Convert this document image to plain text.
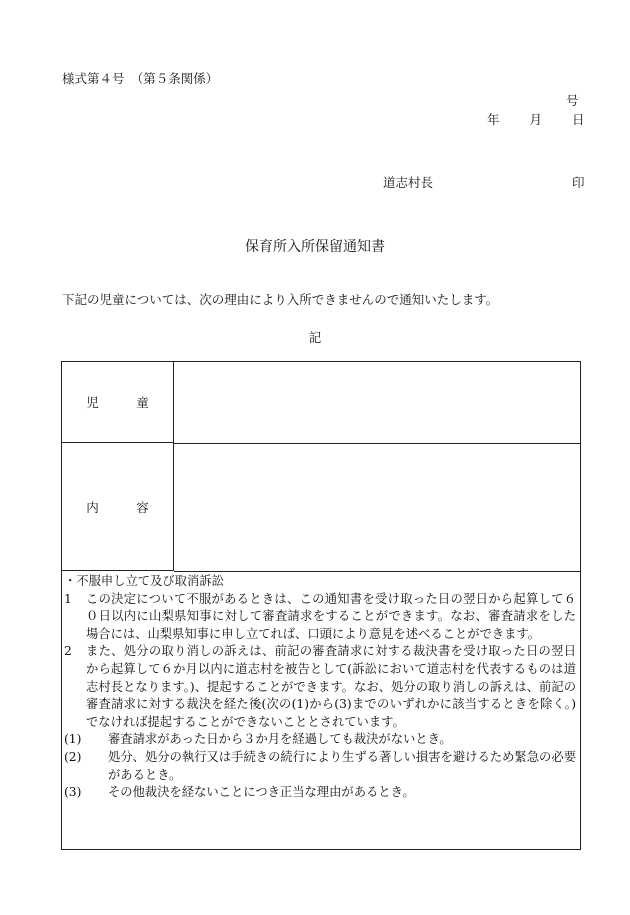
様式第４号　（第５条関係）
号
年 月 日
道志村長	印
保育所入所保留通知書
下記の児童については、次の理由により入所できませんので通知いたします。
記
児　童
内　容
・不服申し立て及び取消訴訟
1	この決定について不服があるときは、この通知書を受け取った日の翌日から起算して６０日以内に山梨県知事に対して審査請求をすることができます。なお、審査請求をした場合には、山梨県知事に申し立てれば、口頭により意見を述べることができます。
2	また、処分の取り消しの訴えは、前記の審査請求に対する裁決書を受け取った日の翌日から起算して６か月以内に道志村を被告として(訴訟において道志村を代表するものは道志村長となります。)、提起することができます。なお、処分の取り消しの訴えは、前記の審査請求に対する裁決を経た後(次の(1)から(3)までのいずれかに該当するときを除く。)でなければ提起することができないこととされています。
(1)	審査請求があった日から３か月を経過しても裁決がないとき。
(2)	処分、処分の執行又は手続きの続行により生ずる著しい損害を避けるため緊急の必要があるとき。
(3)	その他裁決を経ないことにつき正当な理由があるとき。
